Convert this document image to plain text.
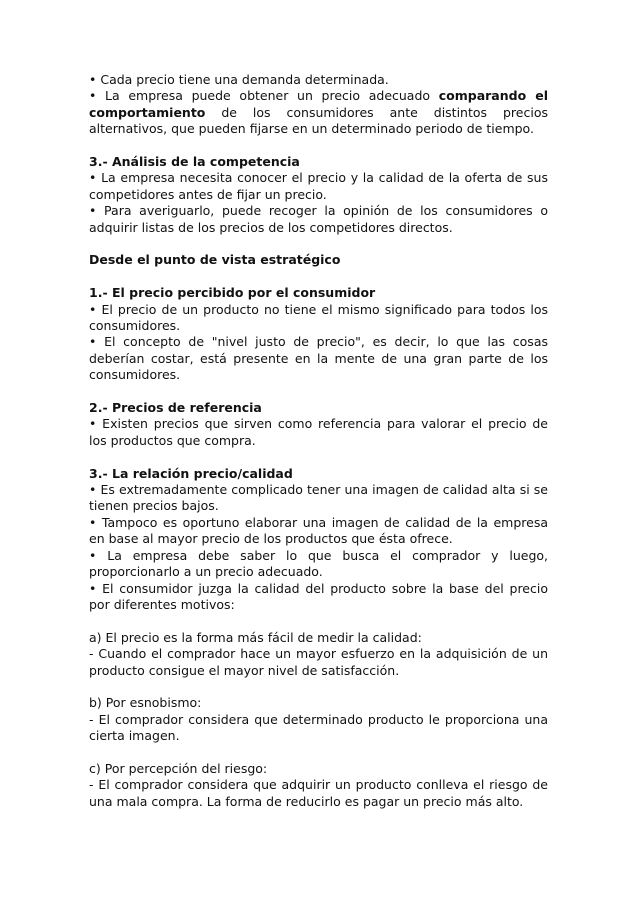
• Cada precio tiene una demanda determinada.

• La empresa puede obtener un precio adecuado comparando el comportamiento de los consumidores ante distintos precios alternativos, que pueden fijarse en un determinado periodo de tiempo.

3.- Análisis de la competencia

• La empresa necesita conocer el precio y la calidad de la oferta de sus competidores antes de fijar un precio.

• Para averiguarlo, puede recoger la opinión de los consumidores o adquirir listas de los precios de los competidores directos.

Desde el punto de vista estratégico

1.- El precio percibido por el consumidor

• El precio de un producto no tiene el mismo significado para todos los consumidores.

• El concepto de "nivel justo de precio", es decir, lo que las cosas deberían costar, está presente en la mente de una gran parte de los consumidores.

2.- Precios de referencia

• Existen precios que sirven como referencia para valorar el precio de los productos que compra.

3.- La relación precio/calidad

• Es extremadamente complicado tener una imagen de calidad alta si se tienen precios bajos.

• Tampoco es oportuno elaborar una imagen de calidad de la empresa en base al mayor precio de los productos que ésta ofrece.

• La empresa debe saber lo que busca el comprador y luego, proporcionarlo a un precio adecuado.

• El consumidor juzga la calidad del producto sobre la base del precio por diferentes motivos:

a) El precio es la forma más fácil de medir la calidad:

- Cuando el comprador hace un mayor esfuerzo en la adquisición de un producto consigue el mayor nivel de satisfacción.

b) Por esnobismo:

- El comprador considera que determinado producto le proporciona una cierta imagen.

c) Por percepción del riesgo:

- El comprador considera que adquirir un producto conlleva el riesgo de una mala compra. La forma de reducirlo es pagar un precio más alto.
